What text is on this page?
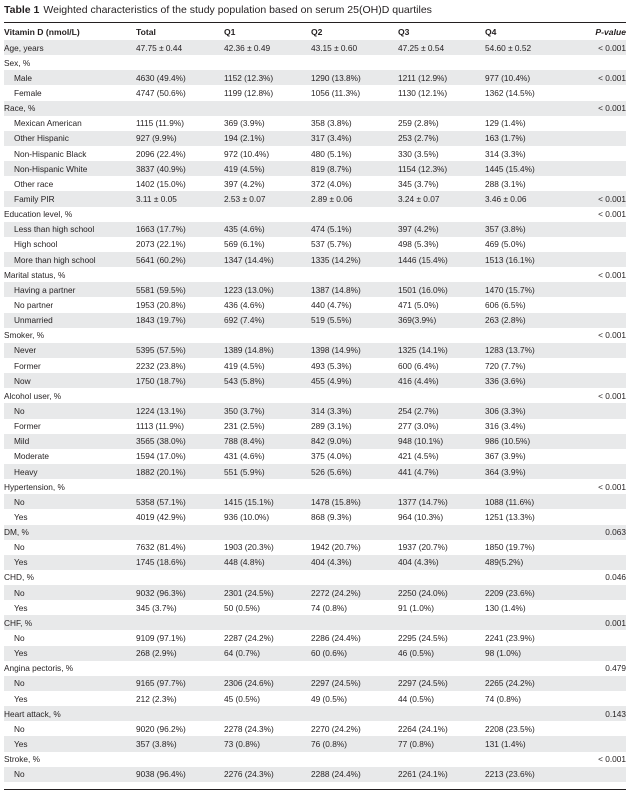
Table 1 Weighted characteristics of the study population based on serum 25(OH)D quartiles
Vitamin D (nmol/L)	Total	Q1	Q2	Q3	Q4	P-value
Age, years	47.75 ± 0.44	42.36 ± 0.49	43.15 ± 0.60	47.25 ± 0.54	54.60 ± 0.52	< 0.001
Sex, %						
Male	4630 (49.4%)	1152 (12.3%)	1290 (13.8%)	1211 (12.9%)	977 (10.4%)	< 0.001
Female	4747 (50.6%)	1199 (12.8%)	1056 (11.3%)	1130 (12.1%)	1362 (14.5%)	
Race, %						< 0.001
Mexican American	1115 (11.9%)	369 (3.9%)	358 (3.8%)	259 (2.8%)	129 (1.4%)	
Other Hispanic	927 (9.9%)	194 (2.1%)	317 (3.4%)	253 (2.7%)	163 (1.7%)	
Non-Hispanic Black	2096 (22.4%)	972 (10.4%)	480 (5.1%)	330 (3.5%)	314 (3.3%)	
Non-Hispanic White	3837 (40.9%)	419 (4.5%)	819 (8.7%)	1154 (12.3%)	1445 (15.4%)	
Other race	1402 (15.0%)	397 (4.2%)	372 (4.0%)	345 (3.7%)	288 (3.1%)	
Family PIR	3.11 ± 0.05	2.53 ± 0.07	2.89 ± 0.06	3.24 ± 0.07	3.46 ± 0.06	< 0.001
Education level, %						< 0.001
Less than high school	1663 (17.7%)	435 (4.6%)	474 (5.1%)	397 (4.2%)	357 (3.8%)	
High school	2073 (22.1%)	569 (6.1%)	537 (5.7%)	498 (5.3%)	469 (5.0%)	
More than high school	5641 (60.2%)	1347 (14.4%)	1335 (14.2%)	1446 (15.4%)	1513 (16.1%)	
Marital status, %						< 0.001
Having a partner	5581 (59.5%)	1223 (13.0%)	1387 (14.8%)	1501 (16.0%)	1470 (15.7%)	
No partner	1953 (20.8%)	436 (4.6%)	440 (4.7%)	471 (5.0%)	606 (6.5%)	
Unmarried	1843 (19.7%)	692 (7.4%)	519 (5.5%)	369(3.9%)	263 (2.8%)	
Smoker, %						< 0.001
Never	5395 (57.5%)	1389 (14.8%)	1398 (14.9%)	1325 (14.1%)	1283 (13.7%)	
Former	2232 (23.8%)	419 (4.5%)	493 (5.3%)	600 (6.4%)	720 (7.7%)	
Now	1750 (18.7%)	543 (5.8%)	455 (4.9%)	416 (4.4%)	336 (3.6%)	
Alcohol user, %						< 0.001
No	1224 (13.1%)	350 (3.7%)	314 (3.3%)	254 (2.7%)	306 (3.3%)	
Former	1113 (11.9%)	231 (2.5%)	289 (3.1%)	277 (3.0%)	316 (3.4%)	
Mild	3565 (38.0%)	788 (8.4%)	842 (9.0%)	948 (10.1%)	986 (10.5%)	
Moderate	1594 (17.0%)	431 (4.6%)	375 (4.0%)	421 (4.5%)	367 (3.9%)	
Heavy	1882 (20.1%)	551 (5.9%)	526 (5.6%)	441 (4.7%)	364 (3.9%)	
Hypertension, %						< 0.001
No	5358 (57.1%)	1415 (15.1%)	1478 (15.8%)	1377 (14.7%)	1088 (11.6%)	
Yes	4019 (42.9%)	936 (10.0%)	868 (9.3%)	964 (10.3%)	1251 (13.3%)	
DM, %						0.063
No	7632 (81.4%)	1903 (20.3%)	1942 (20.7%)	1937 (20.7%)	1850 (19.7%)	
Yes	1745 (18.6%)	448 (4.8%)	404 (4.3%)	404 (4.3%)	489(5.2%)	
CHD, %						0.046
No	9032 (96.3%)	2301 (24.5%)	2272 (24.2%)	2250 (24.0%)	2209 (23.6%)	
Yes	345 (3.7%)	50 (0.5%)	74 (0.8%)	91 (1.0%)	130 (1.4%)	
CHF, %						0.001
No	9109 (97.1%)	2287 (24.2%)	2286 (24.4%)	2295 (24.5%)	2241 (23.9%)	
Yes	268 (2.9%)	64 (0.7%)	60 (0.6%)	46 (0.5%)	98 (1.0%)	
Angina pectoris, %						0.479
No	9165 (97.7%)	2306 (24.6%)	2297 (24.5%)	2297 (24.5%)	2265 (24.2%)	
Yes	212 (2.3%)	45 (0.5%)	49 (0.5%)	44 (0.5%)	74 (0.8%)	
Heart attack, %						0.143
No	9020 (96.2%)	2278 (24.3%)	2270 (24.2%)	2264 (24.1%)	2208 (23.5%)	
Yes	357 (3.8%)	73 (0.8%)	76 (0.8%)	77 (0.8%)	131 (1.4%)	
Stroke, %						< 0.001
No	9038 (96.4%)	2276 (24.3%)	2288 (24.4%)	2261 (24.1%)	2213 (23.6%)	
